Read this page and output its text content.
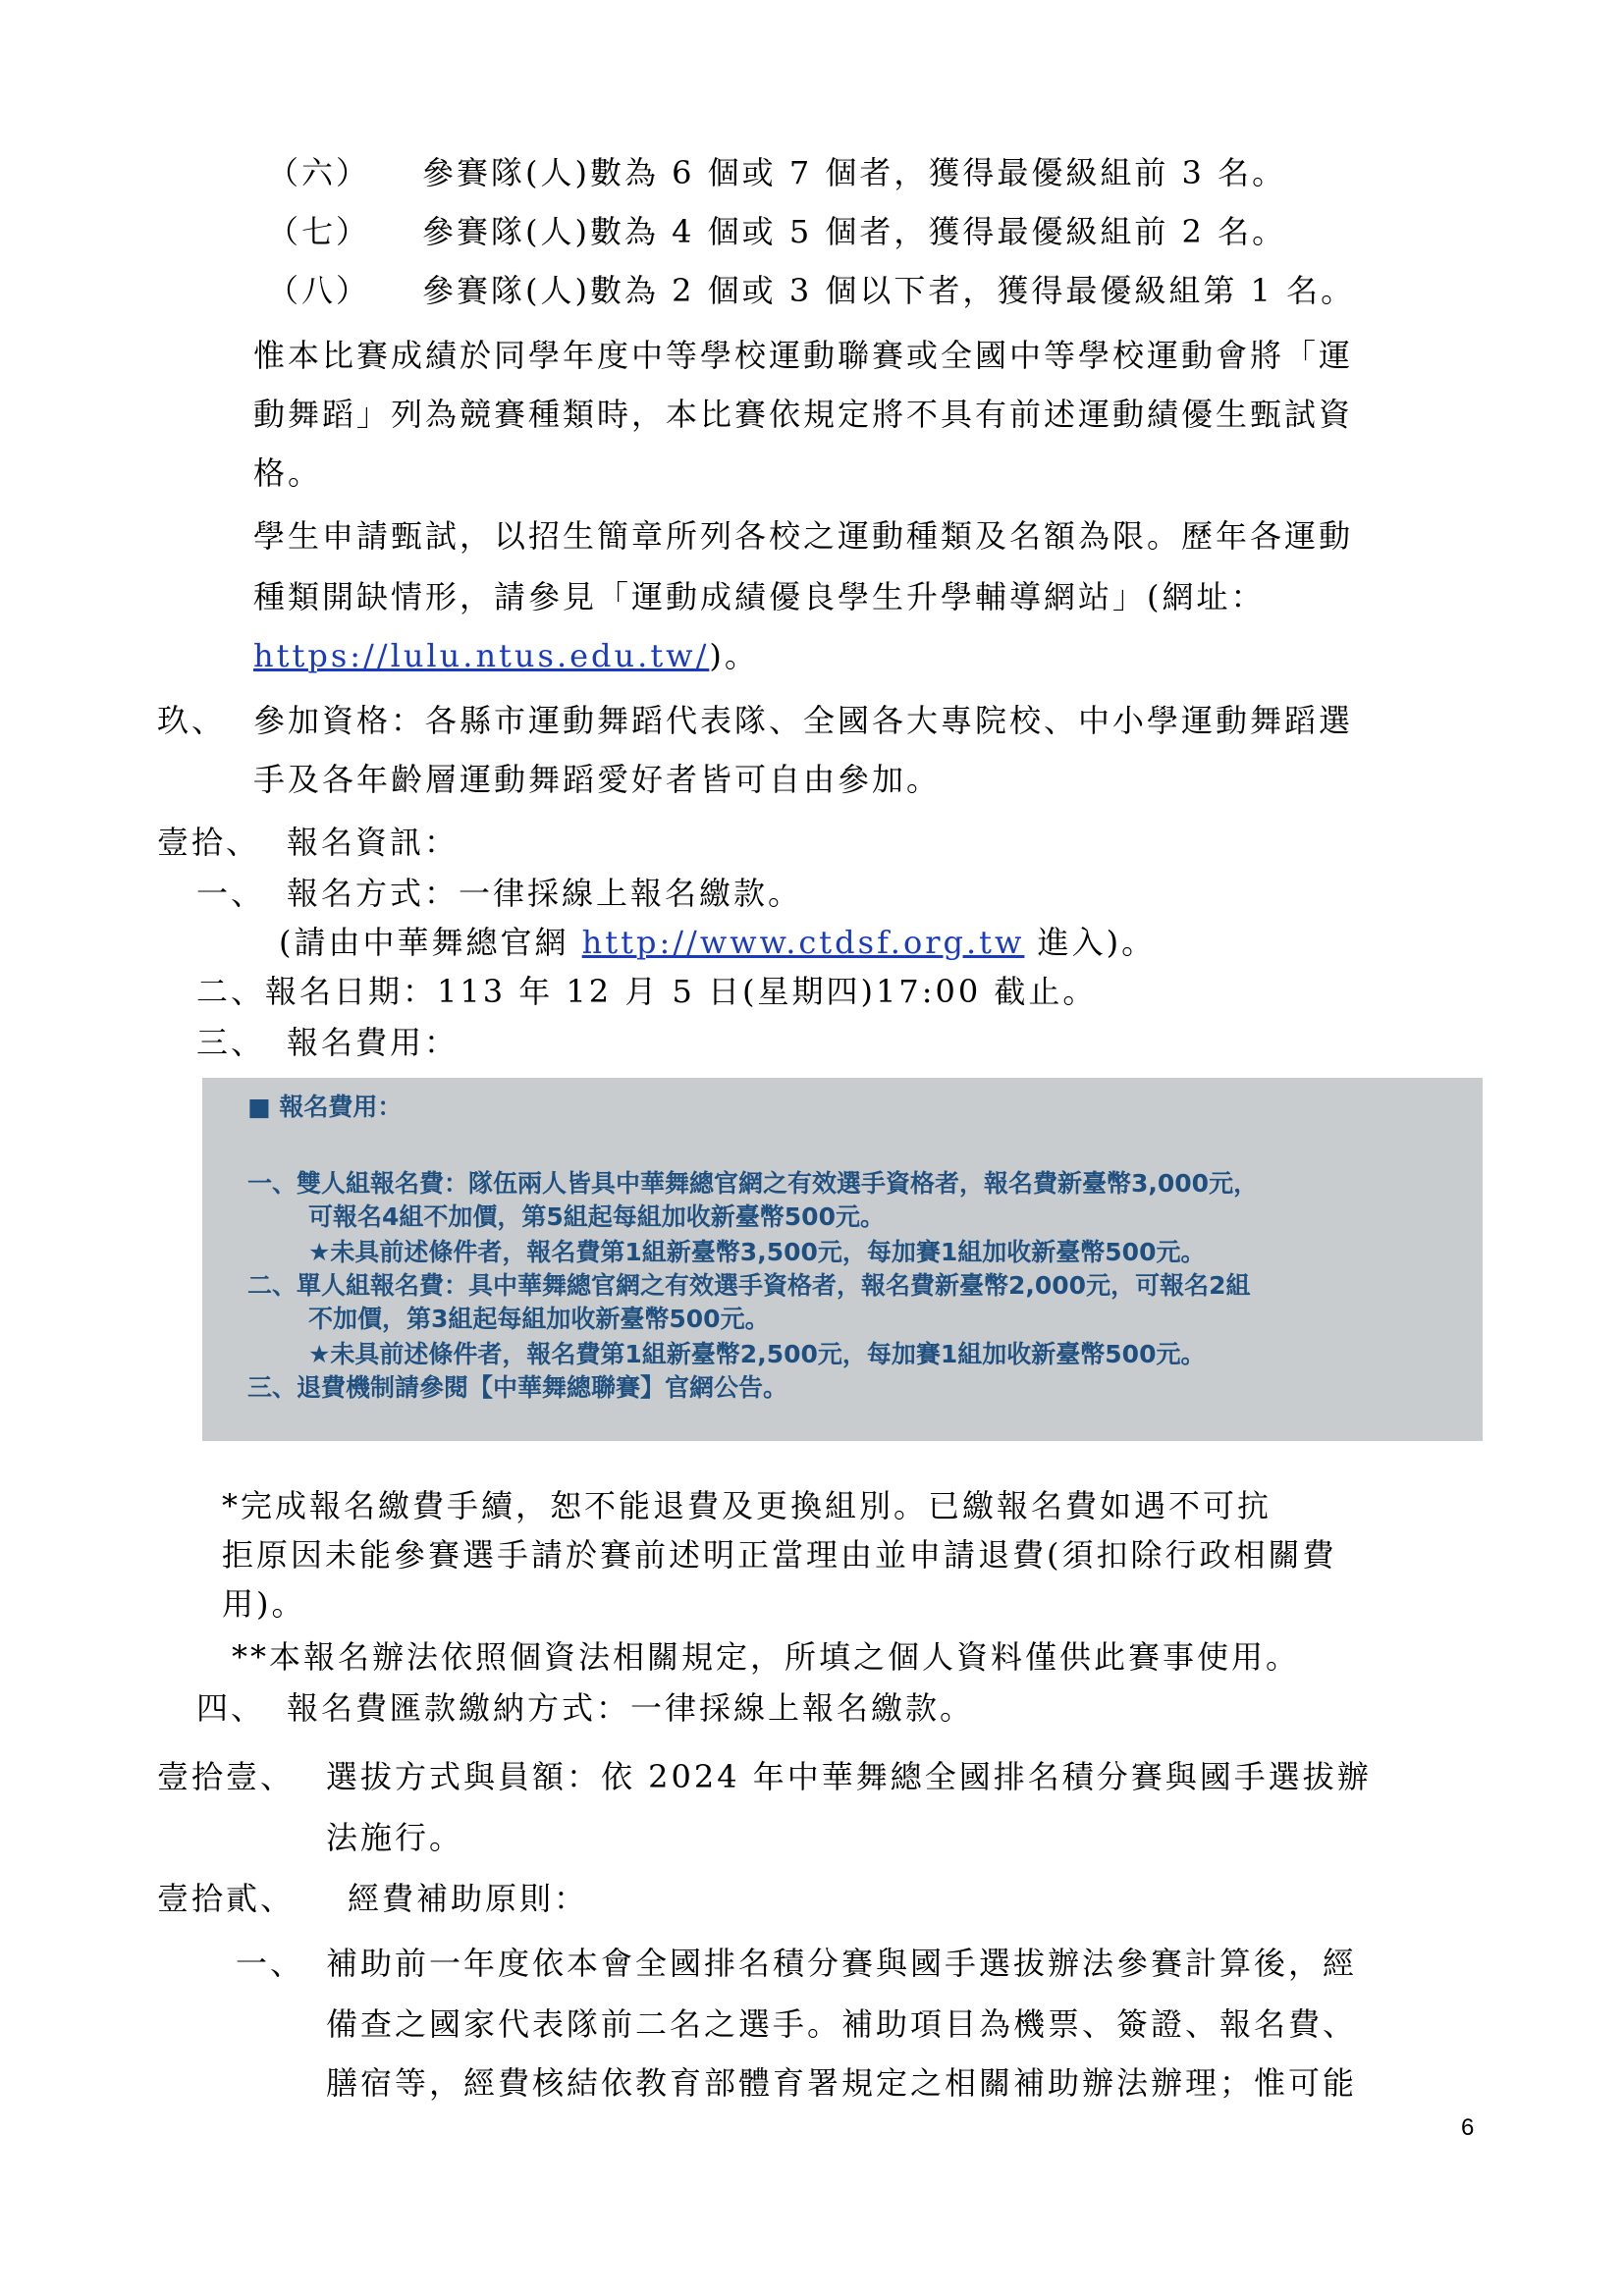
（六） 參賽隊(人)數為 6 個或 7 個者，獲得最優級組前 3 名。
（七） 參賽隊(人)數為 4 個或 5 個者，獲得最優級組前 2 名。
（八） 參賽隊(人)數為 2 個或 3 個以下者，獲得最優級組第 1 名。
惟本比賽成績於同學年度中等學校運動聯賽或全國中等學校運動會將「運
動舞蹈」列為競賽種類時，本比賽依規定將不具有前述運動績優生甄試資
格。
學生申請甄試，以招生簡章所列各校之運動種類及名額為限。歷年各運動
種類開缺情形，請參見「運動成績優良學生升學輔導網站」(網址：
https://lulu.ntus.edu.tw/)。
玖、 參加資格：各縣市運動舞蹈代表隊、全國各大專院校、中小學運動舞蹈選
手及各年齡層運動舞蹈愛好者皆可自由參加。
壹拾、 報名資訊：
一、 報名方式：一律採線上報名繳款。
(請由中華舞總官網 http://www.ctdsf.org.tw 進入)。
二、報名日期：113 年 12 月 5 日(星期四)17:00 截止。
三、 報名費用：
■ 報名費用：
一、雙人組報名費：隊伍兩人皆具中華舞總官網之有效選手資格者，報名費新臺幣3,000元，
可報名4組不加價，第5組起每組加收新臺幣500元。
★未具前述條件者，報名費第1組新臺幣3,500元，每加賽1組加收新臺幣500元。
二、單人組報名費：具中華舞總官網之有效選手資格者，報名費新臺幣2,000元，可報名2組
不加價，第3組起每組加收新臺幣500元。
★未具前述條件者，報名費第1組新臺幣2,500元，每加賽1組加收新臺幣500元。
三、退費機制請參閱【中華舞總聯賽】官網公告。
*完成報名繳費手續，恕不能退費及更換組別。已繳報名費如遇不可抗
拒原因未能參賽選手請於賽前述明正當理由並申請退費(須扣除行政相關費
用)。
**本報名辦法依照個資法相關規定，所填之個人資料僅供此賽事使用。
四、 報名費匯款繳納方式：一律採線上報名繳款。
壹拾壹、 選拔方式與員額：依 2024 年中華舞總全國排名積分賽與國手選拔辦
法施行。
壹拾貳、 經費補助原則：
一、 補助前一年度依本會全國排名積分賽與國手選拔辦法參賽計算後，經
備查之國家代表隊前二名之選手。補助項目為機票、簽證、報名費、
膳宿等，經費核結依教育部體育署規定之相關補助辦法辦理；惟可能
6
